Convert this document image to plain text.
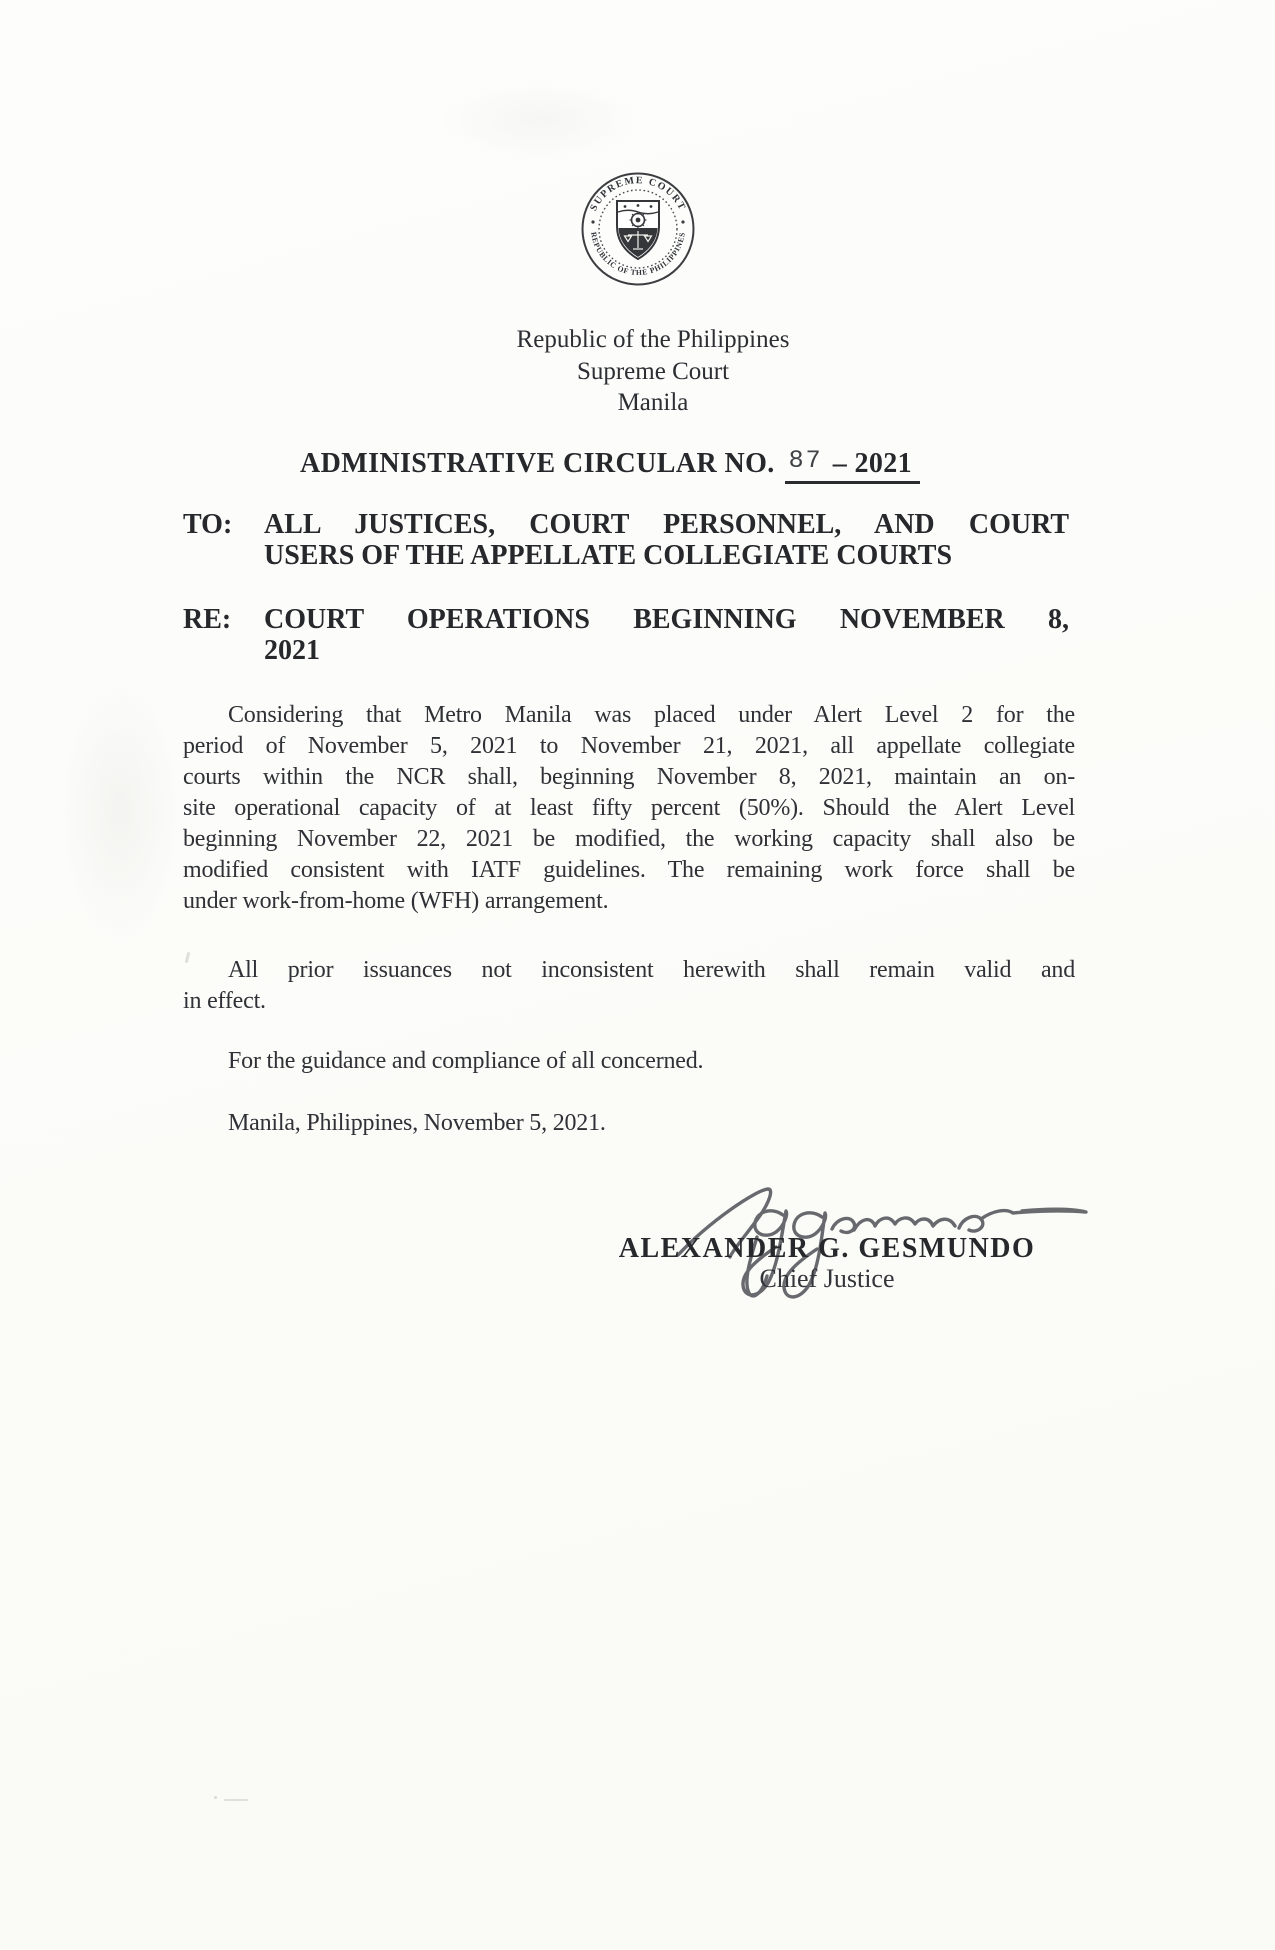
SUPREME COURT
REPUBLIC OF THE PHILIPPINES
Republic of the Philippines
Supreme Court
Manila
ADMINISTRATIVE CIRCULAR NO. 87 – 2021
TO:	ALL JUSTICES, COURT PERSONNEL, AND COURT
USERS OF THE APPELLATE COLLEGIATE COURTS
RE:	COURT OPERATIONS BEGINNING NOVEMBER 8,
2021
Considering that Metro Manila was placed under Alert Level 2 for the
period of November 5, 2021 to November 21, 2021, all appellate collegiate
courts within the NCR shall, beginning November 8, 2021, maintain an on-
site operational capacity of at least fifty percent (50%). Should the Alert Level
beginning November 22, 2021 be modified, the working capacity shall also be
modified consistent with IATF guidelines. The remaining work force shall be
under work-from-home (WFH) arrangement.
All prior issuances not inconsistent herewith shall remain valid and
in effect.
For the guidance and compliance of all concerned.
Manila, Philippines, November 5, 2021.
ALEXANDER G. GESMUNDO
Chief Justice
